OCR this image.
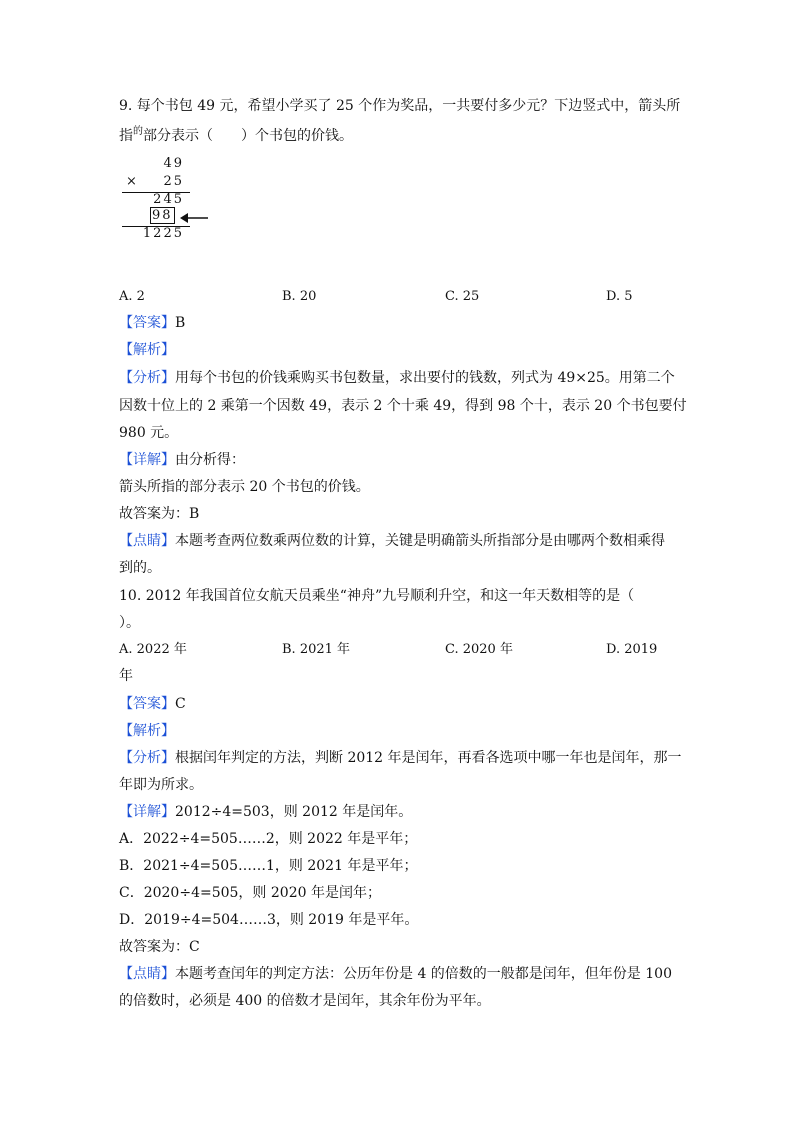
9. 每个书包 49 元，希望小学买了 25 个作为奖品，一共要付多少元？下边竖式中，箭头所
指$^的$部分表示（　　）个书包的价钱。
49
× 25
245
98
1225
A. 2	B. 20	C. 25	D. 5
【答案】B
【解析】
【分析】用每个书包的价钱乘购买书包数量，求出要付的钱数，列式为 49×25。用第二个
因数十位上的 2 乘第一个因数 49，表示 2 个十乘 49，得到 98 个十，表示 20 个书包要付
980 元。
【详解】由分析得：
箭头所指的部分表示 20 个书包的价钱。
故答案为：B
【点睛】本题考查两位数乘两位数的计算，关键是明确箭头所指部分是由哪两个数相乘得
到的。
10. 2012 年我国首位女航天员乘坐“神舟”九号顺利升空，和这一年天数相等的是（
）。
A. 2022 年	B. 2021 年	C. 2020 年	D. 2019
年
【答案】C
【解析】
【分析】根据闰年判定的方法，判断 2012 年是闰年，再看各选项中哪一年也是闰年，那一
年即为所求。
【详解】2012÷4=503，则 2012 年是闰年。
A．2022÷4=505……2，则 2022 年是平年；
B．2021÷4=505……1，则 2021 年是平年；
C．2020÷4=505，则 2020 年是闰年；
D．2019÷4=504……3，则 2019 年是平年。
故答案为：C
【点睛】本题考查闰年的判定方法：公历年份是 4 的倍数的一般都是闰年，但年份是 100
的倍数时，必须是 400 的倍数才是闰年，其余年份为平年。
